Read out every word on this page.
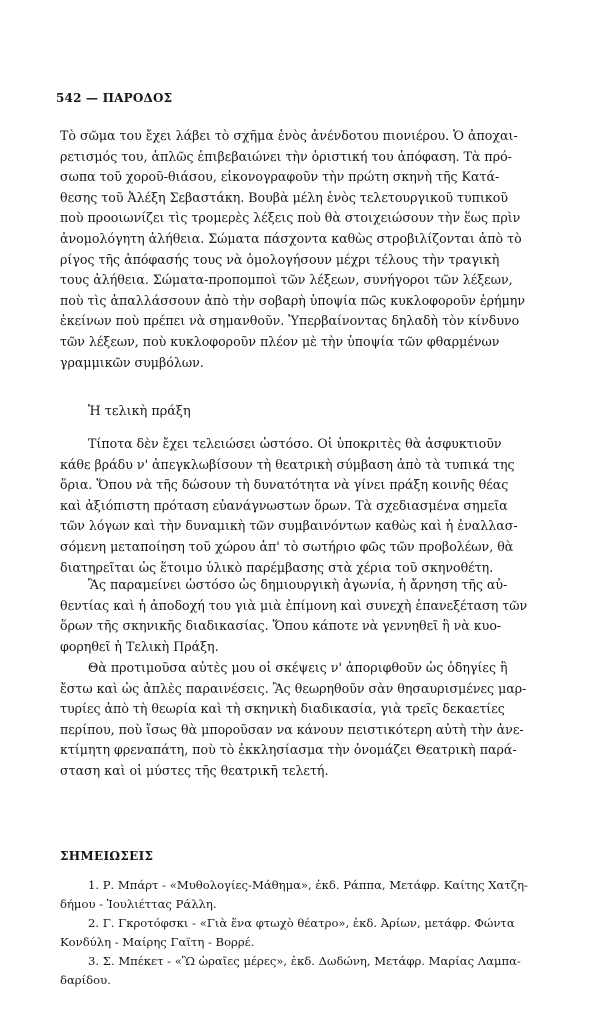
542 — ΠΑΡΟΔΟΣ

Τὸ σῶμα του ἔχει λάβει τὸ σχῆμα ἑνὸς ἀνένδοτου πιονιέρου. Ὁ ἀποχαι-
ρετισμός του, ἁπλῶς ἐπιβεβαιώνει τὴν ὁριστική του ἀπόφαση. Τὰ πρό-
σωπα τοῦ χοροῦ-θιάσου, εἰκονογραφοῦν τὴν πρώτη σκηνὴ τῆς Κατά-
θεσης τοῦ Ἀλέξη Σεβαστάκη. Βουβὰ μέλη ἑνὸς τελετουργικοῦ τυπικοῦ
ποὺ προοιωνίζει τὶς τρομερὲς λέξεις ποὺ θὰ στοιχειώσουν τὴν ἕως πρὶν
ἀνομολόγητη ἀλήθεια. Σώματα πάσχοντα καθὼς στροβιλίζονται ἀπὸ τὸ
ρίγος τῆς ἀπόφασής τους νὰ ὁμολογήσουν μέχρι τέλους τὴν τραγικὴ
τους ἀλήθεια. Σώματα-προπομποὶ τῶν λέξεων, συνήγοροι τῶν λέξεων,
ποὺ τὶς ἀπαλλάσσουν ἀπὸ τὴν σοβαρὴ ὑποψία πῶς κυκλοφοροῦν ἐρήμην
ἐκείνων ποὺ πρέπει νὰ σημανθοῦν. Ὑπερβαίνοντας δηλαδὴ τὸν κίνδυνο
τῶν λέξεων, ποὺ κυκλοφοροῦν πλέον μὲ τὴν ὑποψία τῶν φθαρμένων
γραμμικῶν συμβόλων.

Ἡ τελικὴ πράξη

Τίποτα δὲν ἔχει τελειώσει ὡστόσο. Οἱ ὑποκριτὲς θὰ ἀσφυκτιοῦν
κάθε βράδυ ν' ἀπεγκλωβίσουν τὴ θεατρικὴ σύμβαση ἀπὸ τὰ τυπικά της
ὅρια. Ὅπου νὰ τῆς δώσουν τὴ δυνατότητα νὰ γίνει πράξη κοινῆς θέας
καὶ ἀξιόπιστη πρόταση εὐανάγνωστων ὅρων. Τὰ σχεδιασμένα σημεῖα
τῶν λόγων καὶ τὴν δυναμικὴ τῶν συμβαινόντων καθὼς καὶ ἡ ἐναλλασ-
σόμενη μεταποίηση τοῦ χώρου ἀπ' τὸ σωτήριο φῶς τῶν προβολέων, θὰ
διατηρεῖται ὡς ἕτοιμο ὑλικὸ παρέμβασης στὰ χέρια τοῦ σκηνοθέτη.

Ἂς παραμείνει ὡστόσο ὡς δημιουργικὴ ἀγωνία, ἡ ἄρνηση τῆς αὐ-
θεντίας καὶ ἡ ἀποδοχή του γιὰ μιὰ ἐπίμονη καὶ συνεχὴ ἐπανεξέταση τῶν
ὅρων τῆς σκηνικῆς διαδικασίας. Ὅπου κάποτε νὰ γεννηθεῖ ἢ νὰ κυο-
φορηθεῖ ἡ Τελικὴ Πράξη.

Θὰ προτιμοῦσα αὐτὲς μου οἱ σκέψεις ν' ἀποριφθοῦν ὡς ὁδηγίες ἢ
ἔστω καὶ ὡς ἁπλὲς παραινέσεις. Ἂς θεωρηθοῦν σὰν θησαυρισμένες μαρ-
τυρίες ἀπὸ τὴ θεωρία καὶ τὴ σκηνικὴ διαδικασία, γιὰ τρεῖς δεκαετίες
περίπου, ποὺ ἴσως θὰ μποροῦσαν να κάνουν πειστικότερη αὐτὴ τὴν ἀνε-
κτίμητη φρεναπάτη, ποὺ τὸ ἐκκλησίασμα τὴν ὀνομάζει Θεατρικὴ παρά-
σταση καὶ οἱ μύστες τῆς θεατρικῆ τελετή.

ΣΗΜΕΙΩΣΕΙΣ

1. Ρ. Μπάρτ - «Μυθολογίες-Μάθημα», ἐκδ. Ράππα, Μετάφρ. Καίτης Χατζη-
δήμου - Ἰουλιέττας Ράλλη.

2. Γ. Γκροτόφσκι - «Γιὰ ἕνα φτωχὸ θέατρο», ἐκδ. Ἀρίων, μετάφρ. Φώντα
Κονδύλη - Μαίρης Γαϊτη - Βορρέ.

3. Σ. Μπέκετ - «Ὢ ὡραῖες μέρες», ἐκδ. Δωδώνη, Μετάφρ. Μαρίας Λαμπα-
δαρίδου.
